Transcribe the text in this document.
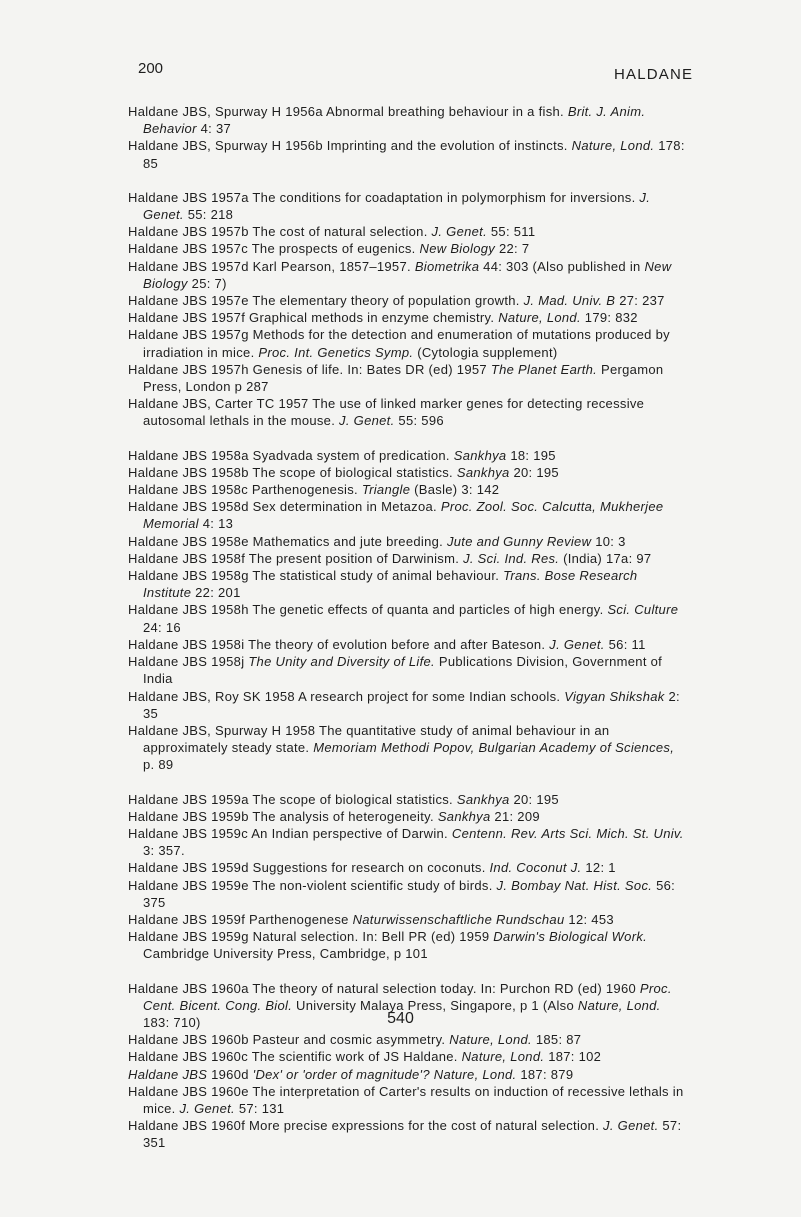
200	HALDANE

Haldane JBS, Spurway H 1956a Abnormal breathing behaviour in a fish. Brit. J. Anim. Behavior 4: 37

Haldane JBS, Spurway H 1956b Imprinting and the evolution of instincts. Nature, Lond. 178: 85

Haldane JBS 1957a The conditions for coadaptation in polymorphism for inversions. J. Genet. 55: 218

Haldane JBS 1957b The cost of natural selection. J. Genet. 55: 511

Haldane JBS 1957c The prospects of eugenics. New Biology 22: 7

Haldane JBS 1957d Karl Pearson, 1857–1957. Biometrika 44: 303 (Also published in New Biology 25: 7)

Haldane JBS 1957e The elementary theory of population growth. J. Mad. Univ. B 27: 237

Haldane JBS 1957f Graphical methods in enzyme chemistry. Nature, Lond. 179: 832

Haldane JBS 1957g Methods for the detection and enumeration of mutations produced by irradiation in mice. Proc. Int. Genetics Symp. (Cytologia supplement)

Haldane JBS 1957h Genesis of life. In: Bates DR (ed) 1957 The Planet Earth. Pergamon Press, London p 287

Haldane JBS, Carter TC 1957 The use of linked marker genes for detecting recessive autosomal lethals in the mouse. J. Genet. 55: 596

Haldane JBS 1958a Syadvada system of predication. Sankhya 18: 195

Haldane JBS 1958b The scope of biological statistics. Sankhya 20: 195

Haldane JBS 1958c Parthenogenesis. Triangle (Basle) 3: 142

Haldane JBS 1958d Sex determination in Metazoa. Proc. Zool. Soc. Calcutta, Mukherjee Memorial 4: 13

Haldane JBS 1958e Mathematics and jute breeding. Jute and Gunny Review 10: 3

Haldane JBS 1958f The present position of Darwinism. J. Sci. Ind. Res. (India) 17a: 97

Haldane JBS 1958g The statistical study of animal behaviour. Trans. Bose Research Institute 22: 201

Haldane JBS 1958h The genetic effects of quanta and particles of high energy. Sci. Culture 24: 16

Haldane JBS 1958i The theory of evolution before and after Bateson. J. Genet. 56: 11

Haldane JBS 1958j The Unity and Diversity of Life. Publications Division, Government of India

Haldane JBS, Roy SK 1958 A research project for some Indian schools. Vigyan Shikshak 2: 35

Haldane JBS, Spurway H 1958 The quantitative study of animal behaviour in an approximately steady state. Memoriam Methodi Popov, Bulgarian Academy of Sciences, p. 89

Haldane JBS 1959a The scope of biological statistics. Sankhya 20: 195

Haldane JBS 1959b The analysis of heterogeneity. Sankhya 21: 209

Haldane JBS 1959c An Indian perspective of Darwin. Centenn. Rev. Arts Sci. Mich. St. Univ. 3: 357.

Haldane JBS 1959d Suggestions for research on coconuts. Ind. Coconut J. 12: 1

Haldane JBS 1959e The non-violent scientific study of birds. J. Bombay Nat. Hist. Soc. 56: 375

Haldane JBS 1959f Parthenogenese Naturwissenschaftliche Rundschau 12: 453

Haldane JBS 1959g Natural selection. In: Bell PR (ed) 1959 Darwin's Biological Work. Cambridge University Press, Cambridge, p 101

Haldane JBS 1960a The theory of natural selection today. In: Purchon RD (ed) 1960 Proc. Cent. Bicent. Cong. Biol. University Malaya Press, Singapore, p 1 (Also Nature, Lond. 183: 710)

Haldane JBS 1960b Pasteur and cosmic asymmetry. Nature, Lond. 185: 87

Haldane JBS 1960c The scientific work of JS Haldane. Nature, Lond. 187: 102

Haldane JBS 1960d 'Dex' or 'order of magnitude'? Nature, Lond. 187: 879

Haldane JBS 1960e The interpretation of Carter's results on induction of recessive lethals in mice. J. Genet. 57: 131

Haldane JBS 1960f More precise expressions for the cost of natural selection. J. Genet. 57: 351

540
